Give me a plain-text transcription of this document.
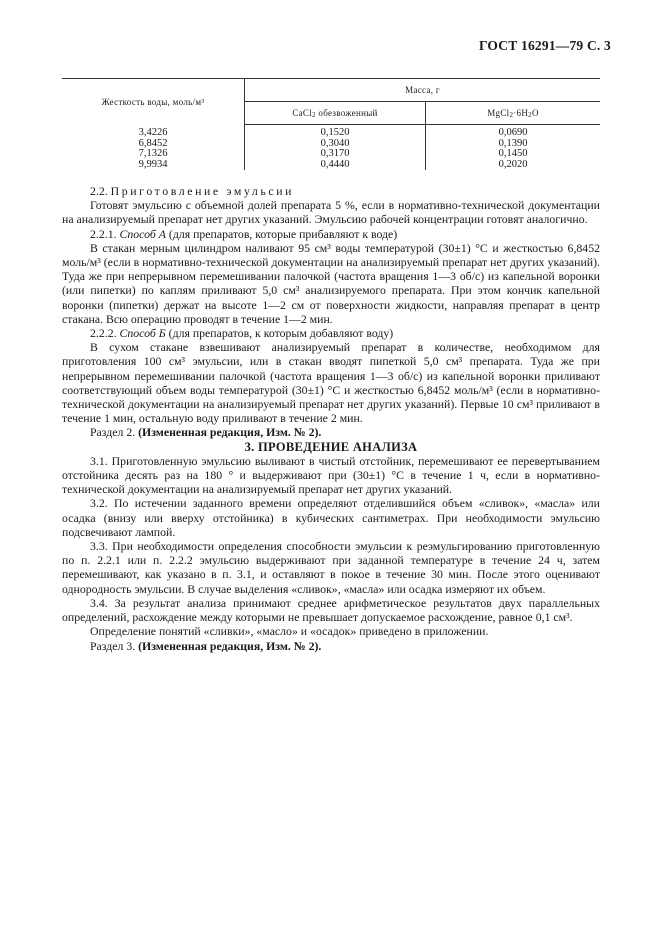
ГОСТ 16291—79 С. 3
Жесткость воды, моль/м³	Масса, г	
	CaCl2 обезвоженный	MgCl2·6H2O
3,4226	0,1520	0,0690
6,8452	0,3040	0,1390
7,1326	0,3170	0,1450
9,9934	0,4440	0,2020

2.2. Приготовление эмульсии

Готовят эмульсию с объемной долей препарата 5 %, если в нормативно-технической документации на анализируемый препарат нет других указаний. Эмульсию рабочей концентрации готовят аналогично.

2.2.1. Способ А (для препаратов, которые прибавляют к воде)

В стакан мерным цилиндром наливают 95 см³ воды температурой (30±1) °С и жесткостью 6,8452 моль/м³ (если в нормативно-технической документации на анализируемый препарат нет других указаний). Туда же при непрерывном перемешивании палочкой (частота вращения 1—3 об/с) из капельной воронки (или пипетки) по каплям приливают 5,0 см³ анализируемого препарата. При этом кончик капельной воронки (пипетки) держат на высоте 1—2 см от поверхности жидкости, направляя препарат в центр стакана. Всю операцию проводят в течение 1—2 мин.

2.2.2. Способ Б (для препаратов, к которым добавляют воду)

В сухом стакане взвешивают анализируемый препарат в количестве, необходимом для приготовления 100 см³ эмульсии, или в стакан вводят пипеткой 5,0 см³ препарата. Туда же при непрерывном перемешивании палочкой (частота вращения 1—3 об/с) из капельной воронки приливают соответствующий объем воды температурой (30±1) °С и жесткостью 6,8452 моль/м³ (если в нормативно-технической документации на анализируемый препарат нет других указаний). Первые 10 см³ приливают в течение 1 мин, остальную воду приливают в течение 2 мин.

Раздел 2. (Измененная редакция, Изм. № 2).

3. ПРОВЕДЕНИЕ АНАЛИЗА

3.1. Приготовленную эмульсию выливают в чистый отстойник, перемешивают ее перевертыванием отстойника десять раз на 180 ° и выдерживают при (30±1) °С в течение 1 ч, если в нормативно-технической документации на анализируемый препарат нет других указаний.

3.2. По истечении заданного времени определяют отделившийся объем «сливок», «масла» или осадка (внизу или вверху отстойника) в кубических сантиметрах. При необходимости эмульсию подсвечивают лампой.

3.3. При необходимости определения способности эмульсии к реэмульгированию приготовленную по п. 2.2.1 или п. 2.2.2 эмульсию выдерживают при заданной температуре в течение 24 ч, затем перемешивают, как указано в п. 3.1, и оставляют в покое в течение 30 мин. После этого оценивают однородность эмульсии. В случае выделения «сливок», «масла» или осадка измеряют их объем.

3.4. За результат анализа принимают среднее арифметическое результатов двух параллельных определений, расхождение между которыми не превышает допускаемое расхождение, равное 0,1 см³.

Определение понятий «сливки», «масло» и «осадок» приведено в приложении.

Раздел 3. (Измененная редакция, Изм. № 2).
